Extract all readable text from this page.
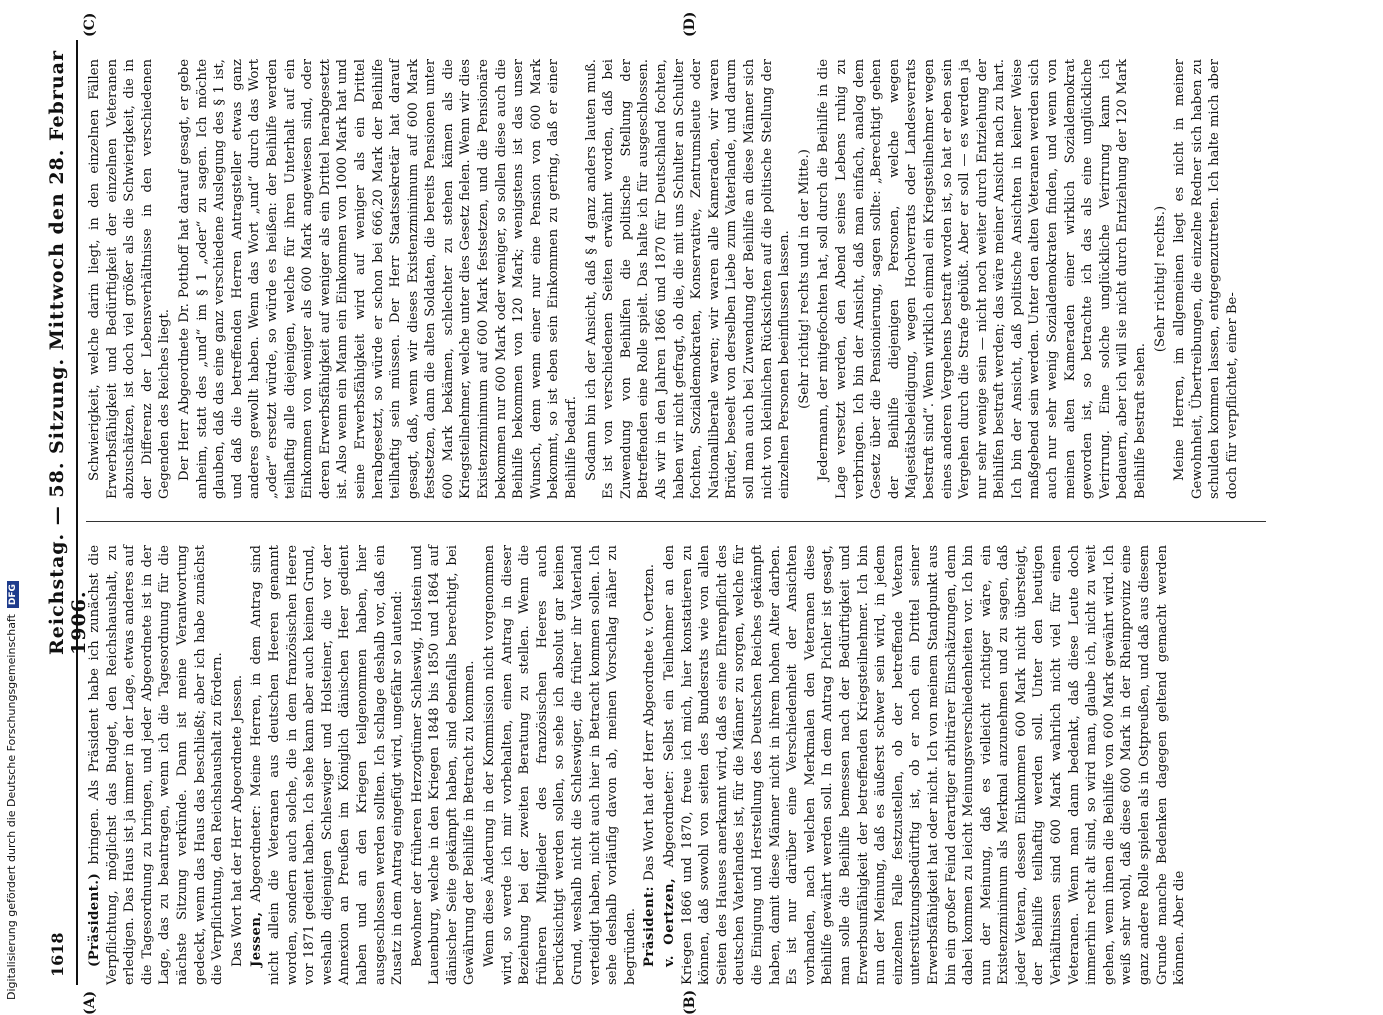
1618
Reichstag. — 58. Sitzung. Mittwoch den 28. Februar 1906.
(A)	(B)
(C)	(D)

(Präsident.) bringen. Als Präsident habe ich zunächst die Verpflichtung, möglichst das Budget, den Reichshaushalt, zu erledigen. Das Haus ist ja immer in der Lage, etwas anderes auf die Tagesordnung zu bringen, und jeder Abgeordnete ist in der Lage, das zu beantragen, wenn ich die Tagesordnung für die nächste Sitzung verkünde. Dann ist meine Verantwortung gedeckt, wenn das Haus das beschließt; aber ich habe zunächst die Verpflichtung, den Reichshaushalt zu fördern. Das Wort hat der Herr Abgeordnete Jessen. Jessen, Abgeordneter: Meine Herren, in dem Antrag sind nicht allein die Veteranen aus deutschen Heeren genannt worden, sondern auch solche, die in dem französischen Heere vor 1871 gedient haben. Ich sehe kann aber auch keinen Grund, weshalb diejenigen Schleswiger und Holsteiner, die vor der Annexion an Preußen im Königlich dänischen Heer gedient haben und an den Kriegen teilgenommen haben, hier ausgeschlossen werden sollten. Ich schlage deshalb vor, daß ein Zusatz in dem Antrag eingefügt wird, ungefähr so lautend: Bewohner der früheren Herzogtümer Schleswig, Holstein und Lauenburg, welche in den Kriegen 1848 bis 1850 und 1864 auf dänischer Seite gekämpft haben, sind ebenfalls berechtigt, bei Gewährung der Beihilfe in Betracht zu kommen. Wenn diese Änderung in der Kommission nicht vorgenommen wird, so werde ich mir vorbehalten, einen Antrag in dieser Beziehung bei der zweiten Beratung zu stellen. Wenn die früheren Mitglieder des französischen Heeres auch berücksichtigt werden sollen, so sehe ich absolut gar keinen Grund, weshalb nicht die Schleswiger, die früher ihr Vaterland verteidigt haben, nicht auch hier in Betracht kommen sollen. Ich sehe deshalb vorläufig davon ab, meinen Vorschlag näher zu begründen. Präsident: Das Wort hat der Herr Abgeordnete v. Oertzen.

v. Oertzen, Abgeordneter: Selbst ein Teilnehmer an den Kriegen 1866 und 1870, freue ich mich, hier konstatieren zu können, daß sowohl von seiten des Bundesrats wie von allen Seiten des Hauses anerkannt wird, daß es eine Ehrenpflicht des deutschen Vaterlandes ist, für die Männer zu sorgen, welche für die Einigung und Herstellung des Deutschen Reiches gekämpft haben, damit diese Männer nicht in ihrem hohen Alter darben. Es ist nur darüber eine Verschiedenheit der Ansichten vorhanden, nach welchen Merkmalen den Veteranen diese Beihilfe gewährt werden soll. In dem Antrag Pichler ist gesagt, man solle die Beihilfe bemessen nach der Bedürftigkeit und Erwerbsunfähigkeit der betreffenden Kriegsteilnehmer. Ich bin nun der Meinung, daß es äußerst schwer sein wird, in jedem einzelnen Falle festzustellen, ob der betreffende Veteran unterstützungsbedürftig ist, ob er noch ein Drittel seiner Erwerbsfähigkeit hat oder nicht. Ich von meinem Standpunkt aus bin ein großer Feind derartiger arbiträrer Einschätzungen, denn dabei kommen zu leicht Meinungsverschiedenheiten vor. Ich bin nun der Meinung, daß es vielleicht richtiger wäre, ein Existenzminimum als Merkmal anzunehmen und zu sagen, daß jeder Veteran, dessen Einkommen 600 Mark nicht übersteigt, der Beihilfe teilhaftig werden soll. Unter den heutigen Verhältnissen sind 600 Mark wahrlich nicht viel für einen Veteranen. Wenn man dann bedenkt, daß diese Leute doch immerhin recht alt sind, so wird man, glaube ich, nicht zu weit gehen, wenn ihnen die Beihilfe von 600 Mark gewährt wird. Ich weiß sehr wohl, daß diese 600 Mark in der Rheinprovinz eine ganz andere Rolle spielen als in Ostpreußen, und daß aus diesem Grunde manche Bedenken dagegen geltend gemacht werden können. Aber die

Schwierigkeit, welche darin liegt, in den einzelnen Fällen Erwerbsfähigkeit und Bedürftigkeit der einzelnen Veteranen abzuschätzen, ist doch viel größer als die Schwierigkeit, die in der Differenz der Lebensverhältnisse in den verschiedenen Gegenden des Reiches liegt. Der Herr Abgeordnete Dr. Potthoff hat darauf gesagt, er gebe anheim, statt des „und“ im § 1 „oder“ zu sagen. Ich möchte glauben, daß das eine ganz verschiedene Auslegung des § 1 ist, und daß die betreffenden Herren Antragsteller etwas ganz anderes gewollt haben. Wenn das Wort „und“ durch das Wort „oder“ ersetzt würde, so würde es heißen: der Beihilfe werden teilhaftig alle diejenigen, welche für ihren Unterhalt auf ein Einkommen von weniger als 600 Mark angewiesen sind, oder deren Erwerbsfähigkeit auf weniger als ein Drittel herabgesetzt ist. Also wenn ein Mann ein Einkommen von 1000 Mark hat und seine Erwerbsfähigkeit wird auf weniger als ein Drittel herabgesetzt, so würde er schon bei 666,20 Mark der Beihilfe teilhaftig sein müssen. Der Herr Staatssekretär hat darauf gesagt, daß, wenn wir dieses Existenzminimum auf 600 Mark festsetzen, dann die alten Soldaten, die bereits Pensionen unter 600 Mark bekämen, schlechter zu stehen kämen als die Kriegsteilnehmer, welche unter dies Gesetz fielen. Wenn wir dies Existenzminimum auf 600 Mark festsetzen, und die Pensionäre bekommen nur 600 Mark oder weniger, so sollen diese auch die Beihilfe bekommen von 120 Mark; wenigstens ist das unser Wunsch, denn wenn einer nur eine Pension von 600 Mark bekommt, so ist eben sein Einkommen zu gering, daß er einer Beihilfe bedarf. Sodann bin ich der Ansicht, daß § 4 ganz anders lauten muß. Es ist von verschiedenen Seiten erwähnt worden, daß bei Zuwendung von Beihilfen die politische Stellung der Betreffenden eine Rolle spielt. Das halte ich für ausgeschlossen. Als wir in den Jahren 1866 und 1870 für Deutschland fochten, haben wir nicht gefragt, ob die, die mit uns Schulter an Schulter fochten, Sozialdemokraten, Konservative, Zentrumsleute oder Nationalliberale waren; wir waren alle Kameraden, wir waren Brüder, beseelt von derselben Liebe zum Vaterlande, und darum soll man auch bei Zuwendung der Beihilfe an diese Männer sich nicht von kleinlichen Rücksichten auf die politische Stellung der einzelnen Personen beeinflussen lassen. (Sehr richtig! rechts und in der Mitte.) Jedermann, der mitgefochten hat, soll durch die Beihilfe in die Lage versetzt werden, den Abend seines Lebens ruhig zu verbringen. Ich bin der Ansicht, daß man einfach, analog dem Gesetz über die Pensionierung, sagen sollte: „Berechtigt gehen der Beihilfe diejenigen Personen, welche wegen Majestätsbeleidigung, wegen Hochverrats oder Landesverrats bestraft sind“. Wenn wirklich einmal ein Kriegsteilnehmer wegen eines anderen Vergehens bestraft worden ist, so hat er eben sein Vergehen durch die Strafe gebüßt. Aber er soll — es werden ja nur sehr wenige sein — nicht noch weiter durch Entziehung der Beihilfen bestraft werden; das wäre meiner Ansicht nach zu hart. Ich bin der Ansicht, daß politische Ansichten in keiner Weise maßgebend sein werden. Unter den alten Veteranen werden sich auch nur sehr wenig Sozialdemokraten finden, und wenn von meinen alten Kameraden einer wirklich Sozialdemokrat geworden ist, so betrachte ich das als eine unglückliche Verirrung. Eine solche unglückliche Verirrung kann ich bedauern, aber ich will sie nicht durch Entziehung der 120 Mark Beihilfe bestraft sehen.

(Sehr richtig! rechts.) Meine Herren, im allgemeinen liegt es nicht in meiner Gewohnheit, Übertreibungen, die einzelne Redner sich haben zu schulden kommen lassen, entgegenzutreten. Ich halte mich aber doch für verpflichtet, einer Be-

Digitalisierung gefördert durch die Deutsche ForschungsgemeinschaftDFG
